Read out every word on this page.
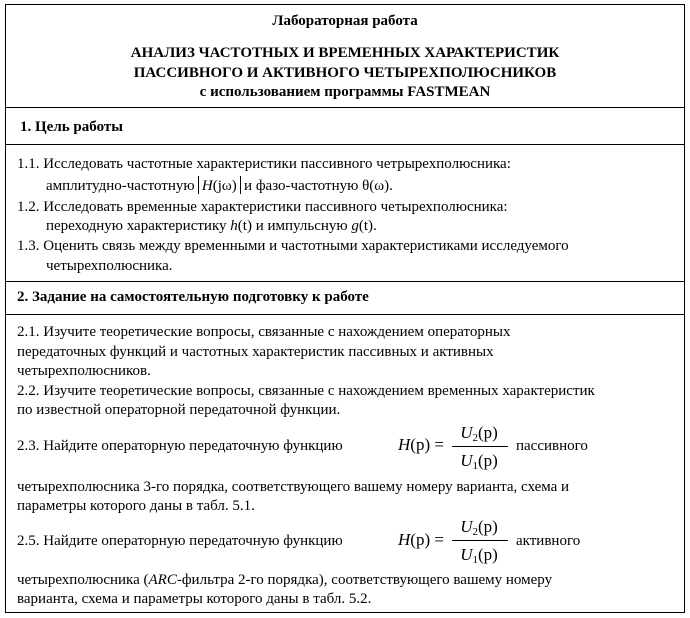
Лабораторная работа
АНАЛИЗ ЧАСТОТНЫХ И ВРЕМЕННЫХ ХАРАКТЕРИСТИК
ПАССИВНОГО И АКТИВНОГО ЧЕТЫРЕХПОЛЮСНИКОВ
с использованием программы FASTMEAN
1. Цель работы
1.1. Исследовать частотные характеристики пассивного четрырехполюсника:
амплитудно-частотную H(jω) и фазо-частотную θ(ω).
1.2. Исследовать временные характеристики пассивного четырехполюсника:
переходную характеристику h(t) и импульсную g(t).
1.3. Оценить связь между временными и частотными характеристиками исследуемого
четырехполюсника.
2. Задание на самостоятельную подготовку к работе
2.1. Изучите теоретические вопросы, связанные с нахождением операторных
передаточных функций и частотных характеристик пассивных и активных
четырехполюсников.
2.2. Изучите теоретические вопросы, связанные с нахождением временных характеристик
по известной операторной передаточной функции.
2.3. Найдите операторную передаточную функцию	H(p) =
$U_2(p)$
$U_1(p)$
пассивного
четырехполюсника 3-го порядка, соответствующего вашему номеру варианта, схема и
параметры которого даны в табл. 5.1.
2.5. Найдите операторную передаточную функцию	H(p) =
$U_2(p)$
$U_1(p)$
активного
четырехполюсника (ARC-фильтра 2-го порядка), соответствующего вашему номеру
варианта, схема и параметры которого даны в табл. 5.2.
